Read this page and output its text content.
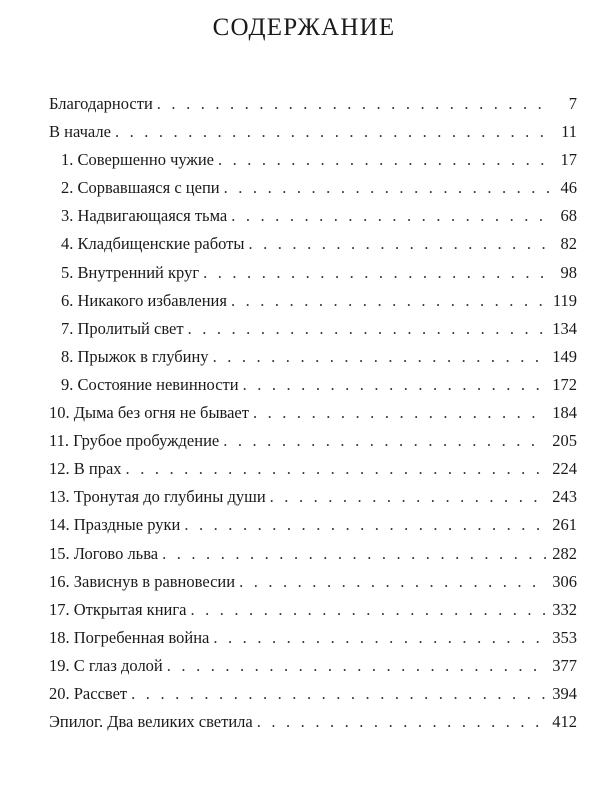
СОДЕРЖАНИЕ
Благодарности . . .	7
В начале . . .	11
1. Совершенно чужие . . .	17
2. Сорвавшаяся с цепи . . .	46
3. Надвигающаяся тьма . . .	68
4. Кладбищенские работы . . .	82
5. Внутренний круг . . .	98
6. Никакого избавления . . .	119
7. Пролитый свет . . .	134
8. Прыжок в глубину . . .	149
9. Состояние невинности . . .	172
10. Дыма без огня не бывает . . .	184
11. Грубое пробуждение . . .	205
12. В прах . . .	224
13. Тронутая до глубины души . . .	243
14. Праздные руки . . .	261
15. Логово льва . . .	282
16. Зависнув в равновесии . . .	306
17. Открытая книга . . .	332
18. Погребенная война . . .	353
19. С глаз долой . . .	377
20. Рассвет . . .	394
Эпилог. Два великих светила . . .	412
